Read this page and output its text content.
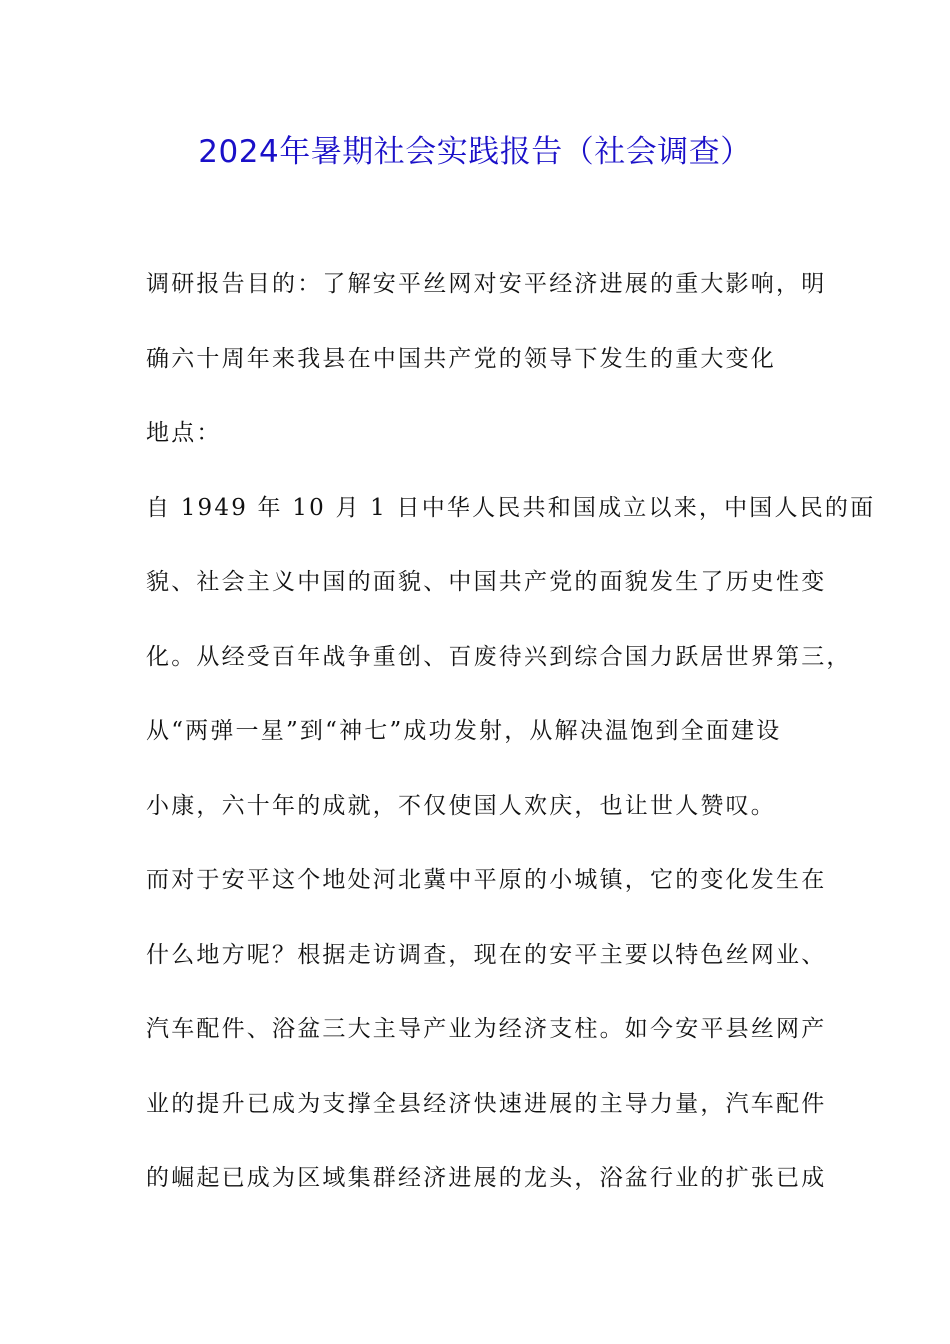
2024年暑期社会实践报告（社会调查）
调研报告目的：了解安平丝网对安平经济进展的重大影响，明
确六十周年来我县在中国共产党的领导下发生的重大变化
地点：
自 1949 年 10 月 1 日中华人民共和国成立以来，中国人民的面
貌、社会主义中国的面貌、中国共产党的面貌发生了历史性变
化。从经受百年战争重创、百废待兴到综合国力跃居世界第三，
从“两弹一星”到“神七”成功发射，从解决温饱到全面建设
小康，六十年的成就，不仅使国人欢庆，也让世人赞叹。
而对于安平这个地处河北冀中平原的小城镇，它的变化发生在
什么地方呢？根据走访调查，现在的安平主要以特色丝网业、
汽车配件、浴盆三大主导产业为经济支柱。如今安平县丝网产
业的提升已成为支撑全县经济快速进展的主导力量，汽车配件
的崛起已成为区域集群经济进展的龙头，浴盆行业的扩张已成
